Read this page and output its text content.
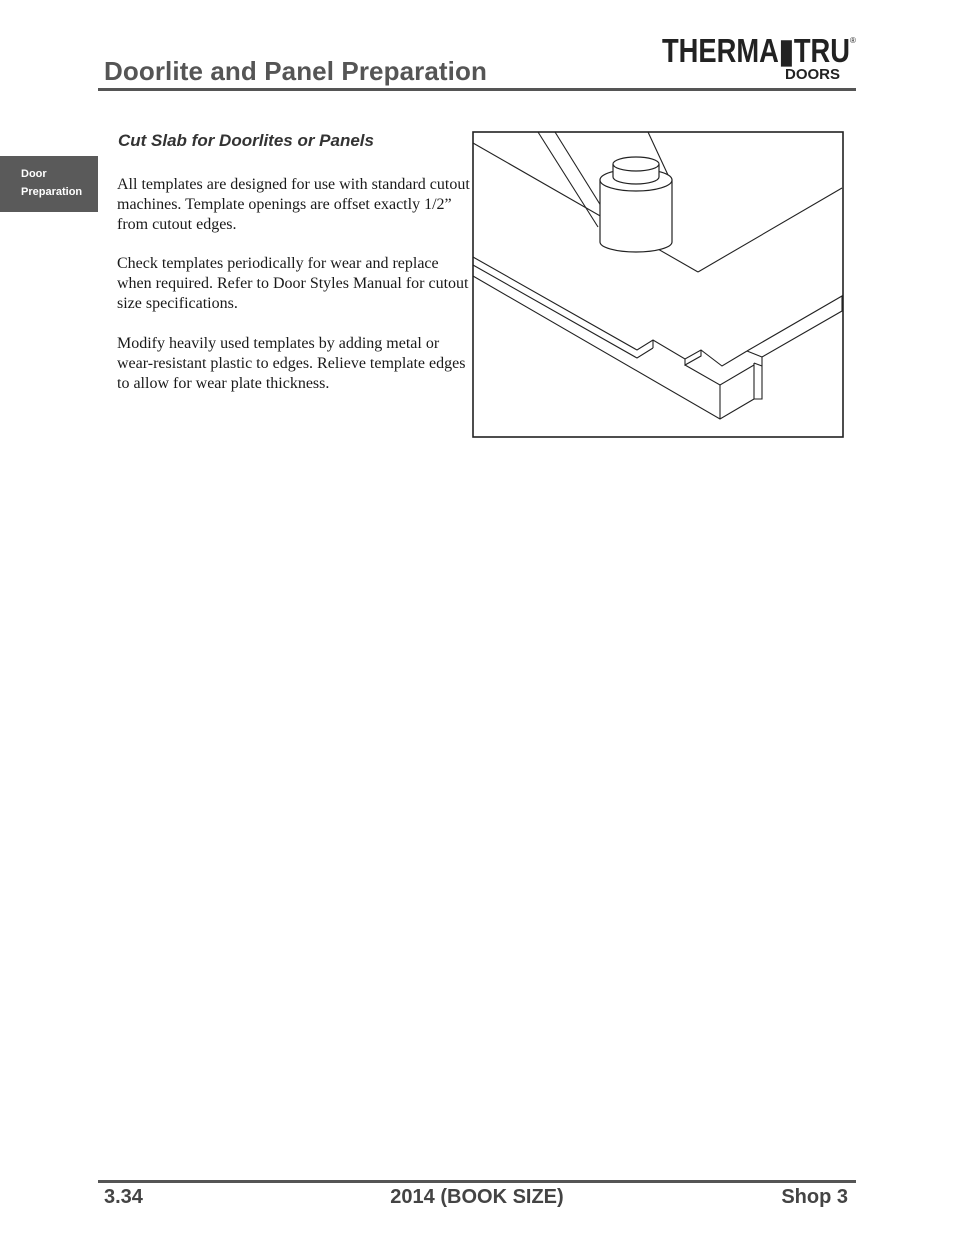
Doorlite and Panel Preparation
THERMA▮TRU ®
DOORS
Door
Preparation
Cut Slab for Doorlites or Panels

All templates are designed for use with standard cutout machines. Template openings are offset exactly 1/2” from cutout edges.

Check templates periodically for wear and replace when required. Refer to Door Styles Manual for cutout size specifications.

Modify heavily used templates by adding metal or wear-resistant plastic to edges. Relieve template edges to allow for wear plate thickness.

3.34	2014 (BOOK SIZE)	Shop 3
